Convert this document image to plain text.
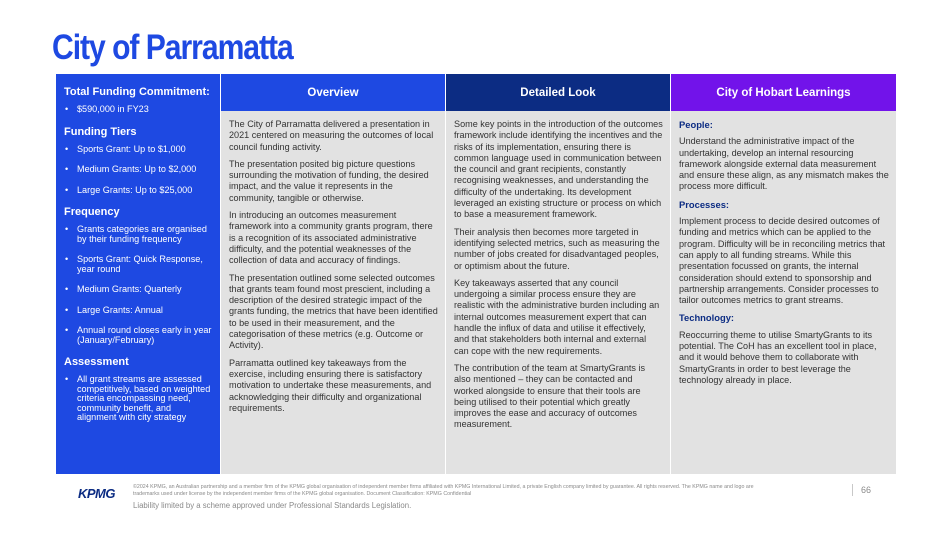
City of Parramatta
Total Funding Commitment:
• $590,000 in FY23
Funding Tiers
• Sports Grant: Up to $1,000
• Medium Grants: Up to $2,000
• Large Grants: Up to $25,000
Frequency
• Grants categories are organised by their funding frequency
• Sports Grant: Quick Response, year round
• Medium Grants: Quarterly
• Large Grants: Annual
• Annual round closes early in year (January/February)
Assessment
• All grant streams are assessed competitively, based on weighted criteria encompassing need, community benefit, and alignment with city strategy
Overview

The City of Parramatta delivered a presentation in 2021 centered on measuring the outcomes of local council funding activity.

The presentation posited big picture questions surrounding the motivation of funding, the desired impact, and the value it represents in the community, tangible or otherwise.

In introducing an outcomes measurement framework into a community grants program, there is a recognition of its associated administrative difficulty, and the potential weaknesses of the collection of data and accuracy of findings.

The presentation outlined some selected outcomes that grants team found most prescient, including a description of the desired strategic impact of the grants funding, the metrics that have been identified to be used in their measurement, and the categorisation of these metrics (e.g. Outcome or Activity).

Parramatta outlined key takeaways from the exercise, including ensuring there is satisfactory motivation to undertake these measurements, and acknowledging their difficulty and organizational requirements.

Detailed Look

Some key points in the introduction of the outcomes framework include identifying the incentives and the risks of its implementation, ensuring there is common language used in communication between the council and grant recipients, constantly recognising weaknesses, and understanding the difficulty of the undertaking. Its development leveraged an existing structure or process on which to base a measurement framework.

Their analysis then becomes more targeted in identifying selected metrics, such as measuring the number of jobs created for disadvantaged peoples, or optimism about the future.

Key takeaways asserted that any council undergoing a similar process ensure they are realistic with the administrative burden including an internal outcomes measurement expert that can handle the influx of data and utilise it effectively, and that stakeholders both internal and external can cope with the new requirements.

The contribution of the team at SmartyGrants is also mentioned – they can be contacted and worked alongside to ensure that their tools are being utilised to their potential which greatly improves the ease and accuracy of outcomes measurement.

City of Hobart Learnings
People:

Understand the administrative impact of the undertaking, develop an internal resourcing framework alongside external data measurement and ensure these align, as any mismatch makes the process more difficult.

Processes:

Implement process to decide desired outcomes of funding and metrics which can be applied to the program. Difficulty will be in reconciling metrics that can apply to all funding streams. While this presentation focussed on grants, the internal consideration should extend to sponsorship and partnership arrangements. Consider processes to tailor outcomes metrics to grant streams.

Technology:

Reoccurring theme to utilise SmartyGrants to its potential. The CoH has an excellent tool in place, and it would behove them to collaborate with SmartyGrants in order to best leverage the technology already in place.

KPMG	©2024 KPMG, an Australian partnership and a member firm of the KPMG global organisation of independent member firms affiliated with KPMG International Limited, a private English company limited by guarantee. All rights reserved. The KPMG name and logo are trademarks used under license by the independent member firms of the KPMG global organisation. Document Classification: KPMG Confidential
Liability limited by a scheme approved under Professional Standards Legislation.
66
